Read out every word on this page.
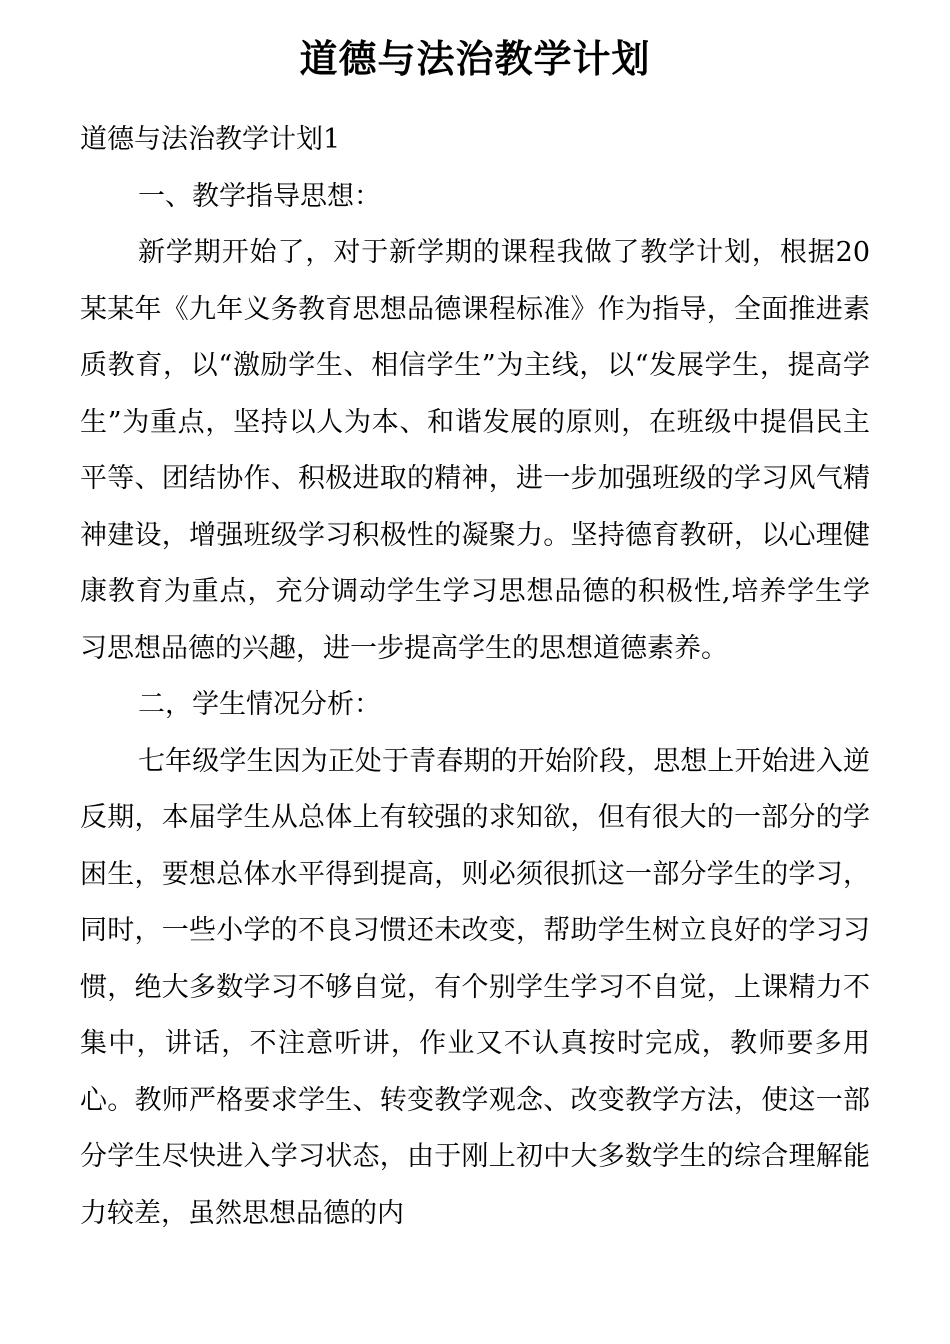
道德与法治教学计划

道德与法治教学计划1

一、教学指导思想：

新学期开始了，对于新学期的课程我做了教学计划，根据20某某年《九年义务教育思想品德课程标准》作为指导，全面推进素质教育，以“激励学生、相信学生”为主线，以“发展学生，提高学生”为重点，坚持以人为本、和谐发展的原则，在班级中提倡民主平等、团结协作、积极进取的精神，进一步加强班级的学习风气精神建设，增强班级学习积极性的凝聚力。坚持德育教研，以心理健康教育为重点，充分调动学生学习思想品德的积极性,培养学生学习思想品德的兴趣，进一步提高学生的思想道德素养。

二，学生情况分析：

七年级学生因为正处于青春期的开始阶段，思想上开始进入逆反期，本届学生从总体上有较强的求知欲，但有很大的一部分的学困生，要想总体水平得到提高，则必须很抓这一部分学生的学习，同时，一些小学的不良习惯还未改变，帮助学生树立良好的学习习惯，绝大多数学习不够自觉，有个别学生学习不自觉，上课精力不集中，讲话，不注意听讲，作业又不认真按时完成，教师要多用心。教师严格要求学生、转变教学观念、改变教学方法，使这一部分学生尽快进入学习状态，由于刚上初中大多数学生的综合理解能力较差，虽然思想品德的内
